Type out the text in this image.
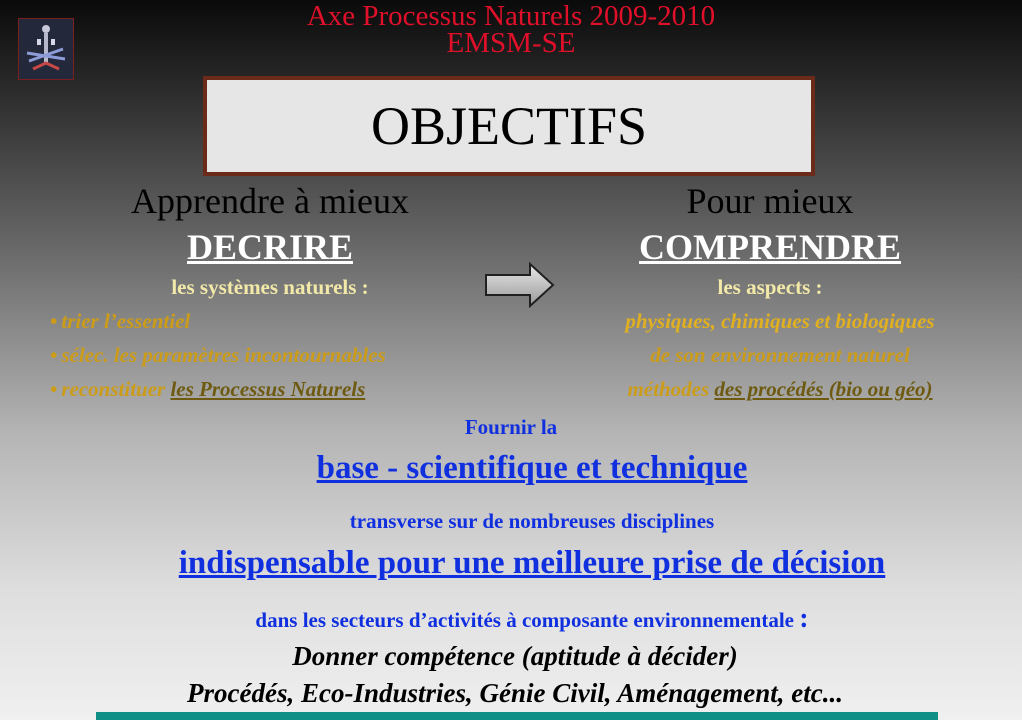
Axe Processus Naturels 2009-2010
EMSM-SE
OBJECTIFS
Apprendre à mieux
DECRIRE
les systèmes naturels :
• trier l’essentiel
• sélec. les paramètres incontournables
• reconstituer les Processus Naturels
Pour mieux
COMPRENDRE
les aspects :
physiques, chimiques et biologiques
de son environnement naturel
méthodes des procédés (bio ou géo)
Fournir la
base - scientifique et technique
transverse sur de nombreuses disciplines
indispensable pour une meilleure prise de décision
dans les secteurs d’activités à composante environnementale :
Donner compétence (aptitude à décider)
Procédés, Eco-Industries, Génie Civil, Aménagement, etc...
